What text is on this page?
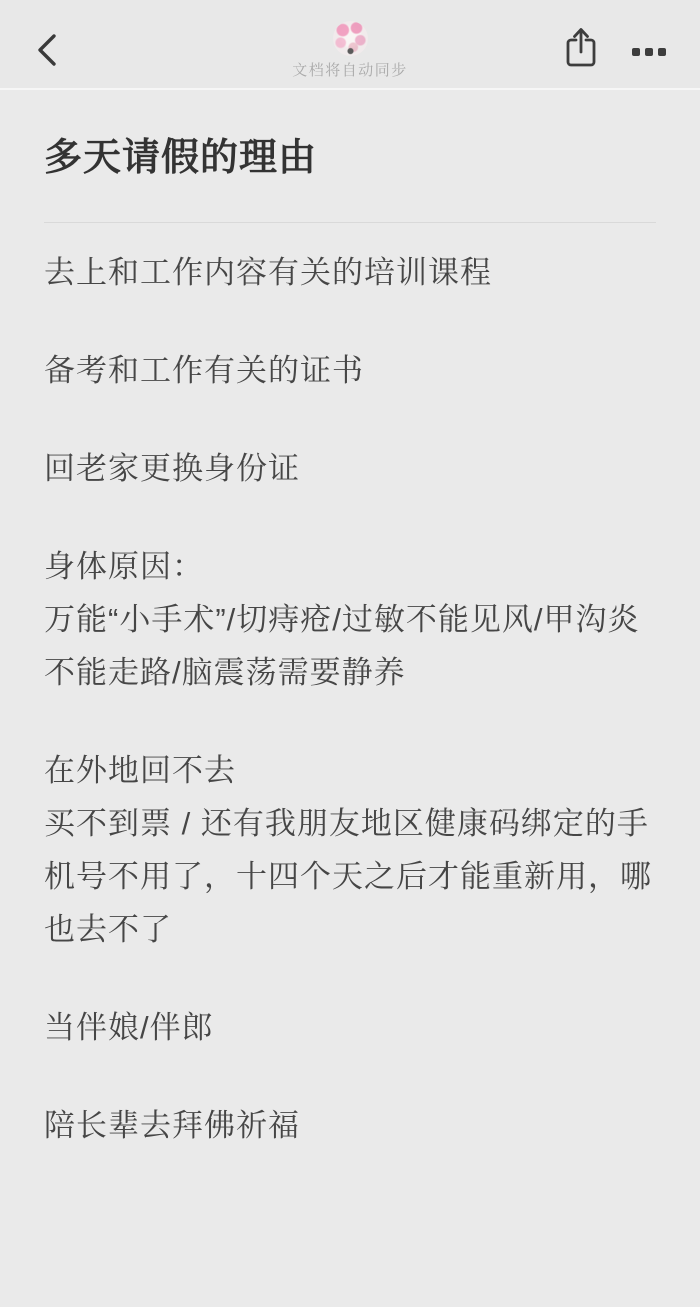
文档将自动同步
多天请假的理由
去上和工作内容有关的培训课程
备考和工作有关的证书
回老家更换身份证
身体原因：
万能“小手术”/切痔疮/过敏不能见风/甲沟炎
不能走路/脑震荡需要静养
在外地回不去
买不到票 / 还有我朋友地区健康码绑定的手
机号不用了，十四个天之后才能重新用，哪
也去不了
当伴娘/伴郎
陪长辈去拜佛祈福
